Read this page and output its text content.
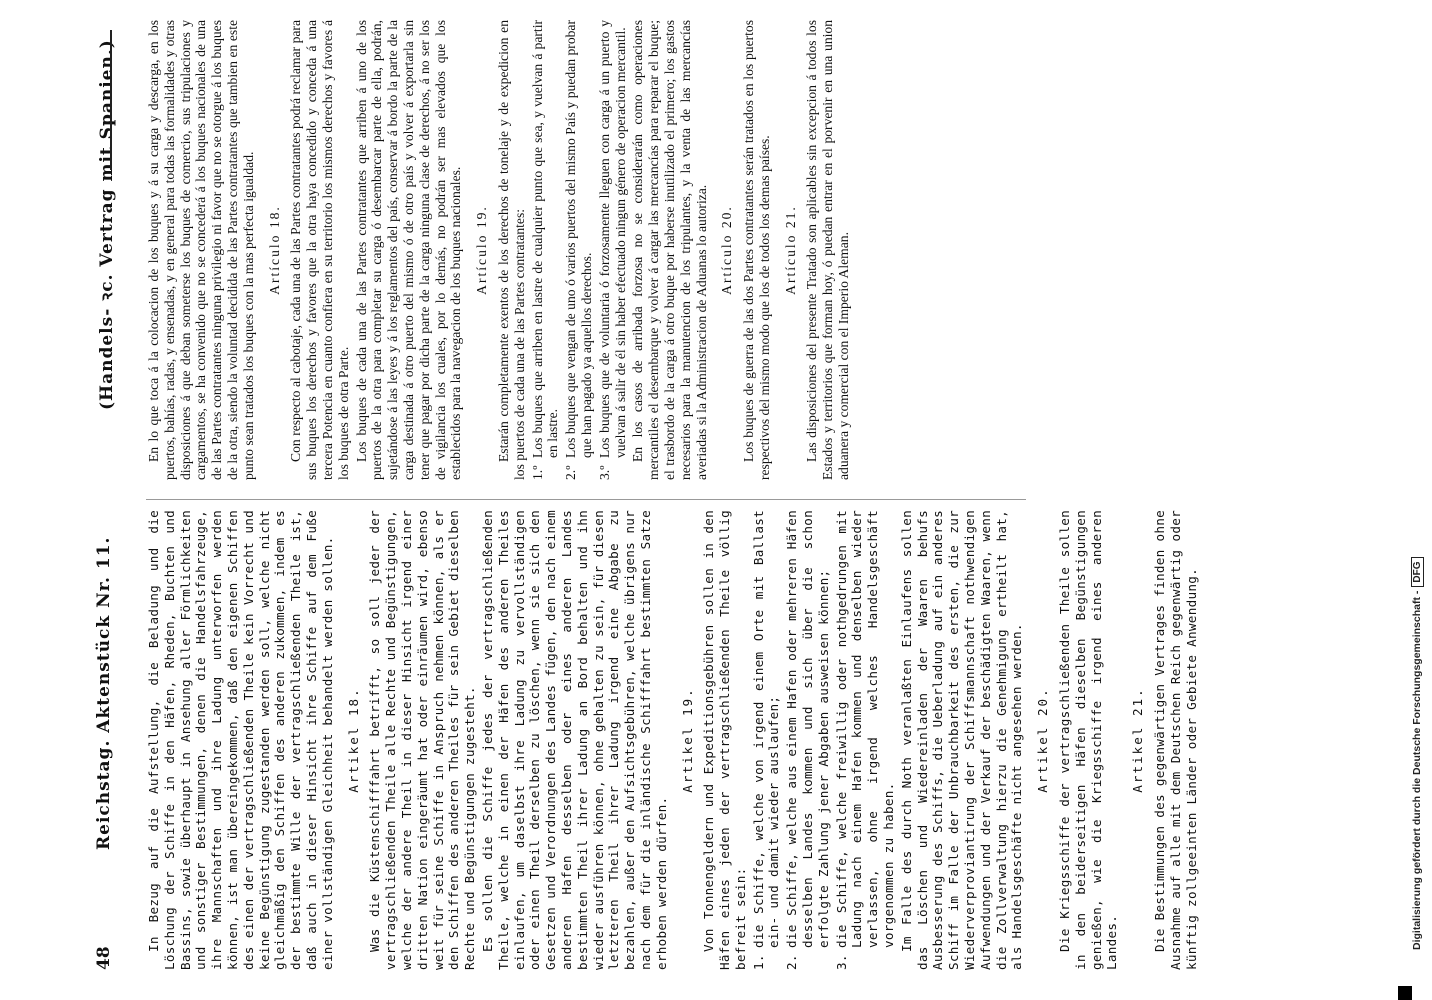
48
Reichstag. Aktenstück Nr. 11.
(Handels- ꝛc. Vertrag mit Spanien.)

In Bezug auf die Aufstellung, die Beladung und die Löschung der Schiffe in den Häfen, Rheden, Buchten und Bassins, sowie überhaupt in Ansehung aller Förmlichkeiten und sonstiger Bestimmungen, denen die Handelsfahrzeuge, ihre Mannschaften und ihre Ladung unterworfen werden können, ist man übereingekommen, daß den eigenen Schiffen des einen der vertragschließenden Theile kein Vorrecht und keine Begünstigung zugestanden werden soll, welche nicht gleichmäßig den Schiffen des anderen zukommen, indem es der bestimmte Wille der vertragschließenden Theile ist, daß auch in dieser Hinsicht ihre Schiffe auf dem Fuße einer vollständigen Gleichheit behandelt werden sollen. Artikel 18. Was die Küstenschifffahrt betrifft, so soll jeder der vertragschließenden Theile alle Rechte und Begünstigungen, welche der andere Theil in dieser Hinsicht irgend einer dritten Nation eingeräumt hat oder einräumen wird, ebenso weit für seine Schiffe in Anspruch nehmen können, als er den Schiffen des anderen Theiles für sein Gebiet dieselben Rechte und Begünstigungen zugesteht. Es sollen die Schiffe jedes der vertragschließenden Theile, welche in einen der Häfen des anderen Theiles einlaufen, um daselbst ihre Ladung zu vervollständigen oder einen Theil derselben zu löschen, wenn sie sich den Gesetzen und Verordnungen des Landes fügen, den nach einem anderen Hafen desselben oder eines anderen Landes bestimmten Theil ihrer Ladung an Bord behalten und ihn wieder ausführen können, ohne gehalten zu sein, für diesen letzteren Theil ihrer Ladung irgend eine Abgabe zu bezahlen, außer den Aufsichtsgebühren, welche übrigens nur nach dem für die inländische Schifffahrt bestimmten Satze erhoben werden dürfen.

Artikel 19. Von Tonnengeldern und Expeditionsgebühren sollen in den Häfen eines jeden der vertragschließenden Theile völlig befreit sein: 1.
die Schiffe, welche von irgend einem Orte mit Ballast ein- und damit wieder auslaufen;

2.
die Schiffe, welche aus einem Hafen oder mehreren Häfen desselben Landes kommen und sich über die schon erfolgte Zahlung jener Abgaben ausweisen können;

3.
die Schiffe, welche freiwillig oder nothgedrungen mit Ladung nach einem Hafen kommen und denselben wieder verlassen, ohne irgend welches Handelsgeschäft vorgenommen zu haben. Im Falle des durch Noth veranlaßten Einlaufens sollen das Löschen und Wiedereinladen der Waaren behufs Ausbesserung des Schiffs, die Ueberladung auf ein anderes Schiff im Falle der Unbrauchbarkeit des ersten, die zur Wiederverproviantirung der Schiffsmannschaft nothwendigen Aufwendungen und der Verkauf der beschädigten Waaren, wenn die Zollverwaltung hierzu die Genehmigung ertheilt hat, als Handelsgeschäfte nicht angesehen werden. Artikel 20. Die Kriegsschiffe der vertragschließenden Theile sollen in den beiderseitigen Häfen dieselben Begünstigungen genießen, wie die Kriegsschiffe irgend eines anderen Landes.

Artikel 21. Die Bestimmungen des gegenwärtigen Vertrages finden ohne Ausnahme auf alle mit dem Deutschen Reich gegenwärtig oder künftig zollgeeinten Länder oder Gebiete Anwendung.

En lo que toca á la colocacion de los buques y á su carga y descarga, en los puertos, bahías, radas, y ensenadas, y en general para todas las formalidades y otras disposiciones á que deban someterse los buques de comercio, sus tripulaciones y cargamentos, se ha convenido que no se concederá á los buques nacionales de una de las Partes contratantes ninguna privilegio ni favor que no se otorgue á los buques de la otra, siendo la voluntad decidida de las Partes contratantes que tambien en este punto sean tratados los buques con la mas perfecta igualdad. Artículo 18. Con respecto al cabotaje, cada una de las Partes contratantes podrá reclamar para sus buques los derechos y favores que la otra haya concedido y conceda á una tercera Potencia en cuanto confiera en su territorio los mismos derechos y favores á los buques de otra Parte. Los buques de cada una de las Partes contratantes que arriben á uno de los puertos de la otra para completar su carga ó desembarcar parte de ella, podrán, sujetándose á las leyes y á los reglamentos del país, conservar á bordo la parte de la carga destinada á otro puerto del mismo ó de otro país y volver á exportarla sin tener que pagar por dicha parte de la carga ninguna clase de derechos, á no ser los de vigilancia los cuales, por lo demás, no podrán ser mas elevados que los establecidos para la navegacion de los buques nacionales. Artículo 19. Estarán completamente exentos de los derechos de tonelaje y de expedicion en los puertos de cada una de las Partes contratantes: 1.º
Los buques que arriben en lastre de cualquier punto que sea, y vuelvan á partir en lastre.

2.º
Los buques que vengan de uno ó varios puertos del mismo País y puedan probar que han pagado ya aquellos derechos.

3.º
Los buques que de voluntaria ó forzosamente lleguen con carga á un puerto y vuelvan á salir de él sin haber efectuado ningun género de operacion mercantil. En los casos de arribada forzosa no se considerarán como operaciones mercantiles el desembarque y volver á cargar las mercancías para reparar el buque; el trasbordo de la carga á otro buque por haberse inutilizado el primero; los gastos necesarios para la manutencion de los tripulantes, y la venta de las mercancías averiadas si la Administracion de Aduanas lo autoriza. Artículo 20. Los buques de guerra de las dos Partes contratantes serán tratados en los puertos respectivos del mismo modo que los de todos los demas países. Artículo 21. Las disposiciones del presente Tratado son aplicables sin excepcion á todos los Estados y territorios que forman hoy, ó puedan entrar en el porvenir en una union aduanera y comercial con el Imperio Aleman.

Digitalisierung gefördert durch die Deutsche Forschungsgemeinschaft -DFG
